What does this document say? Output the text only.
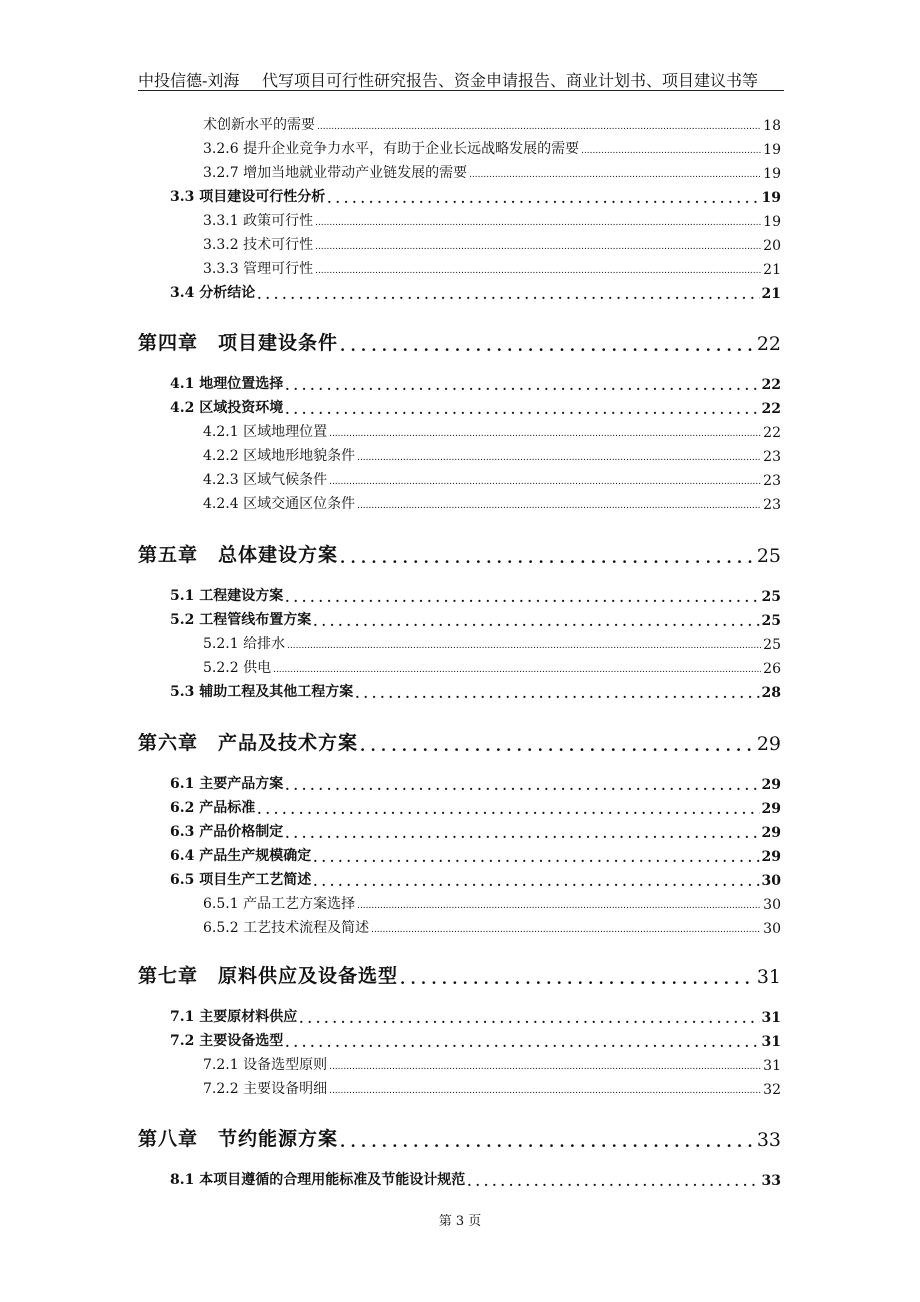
中投信德-刘海 代写项目可行性研究报告、资金申请报告、商业计划书、项目建议书等
术创新水平的需要 .....	18
3.2.6 提升企业竞争力水平，有助于企业长远战略发展的需要 .....	19
3.2.7 增加当地就业带动产业链发展的需要 .....	19
3.3 项目建设可行性分析 . . .	19
3.3.1 政策可行性 .....	19
3.3.2 技术可行性 .....	20
3.3.3 管理可行性 .....	21
3.4 分析结论 . . .	21
第四章　项目建设条件 . . .	22
4.1 地理位置选择 . . .	22
4.2 区域投资环境 . . .	22
4.2.1 区域地理位置 .....	22
4.2.2 区域地形地貌条件 .....	23
4.2.3 区域气候条件 .....	23
4.2.4 区域交通区位条件 .....	23
第五章　总体建设方案 . . .	25
5.1 工程建设方案 . . .	25
5.2 工程管线布置方案 . . .	25
5.2.1 给排水 .....	25
5.2.2 供电 .....	26
5.3 辅助工程及其他工程方案 . . .	28
第六章　产品及技术方案 . . .	29
6.1 主要产品方案 . . .	29
6.2 产品标准 . . .	29
6.3 产品价格制定 . . .	29
6.4 产品生产规模确定 . . .	29
6.5 项目生产工艺简述 . . .	30
6.5.1 产品工艺方案选择 .....	30
6.5.2 工艺技术流程及简述 .....	30
第七章　原料供应及设备选型 . . .	31
7.1 主要原材料供应 . . .	31
7.2 主要设备选型 . . .	31
7.2.1 设备选型原则 .....	31
7.2.2 主要设备明细 .....	32
第八章　节约能源方案 . . .	33
8.1 本项目遵循的合理用能标准及节能设计规范 . . .	33
第 3 页
